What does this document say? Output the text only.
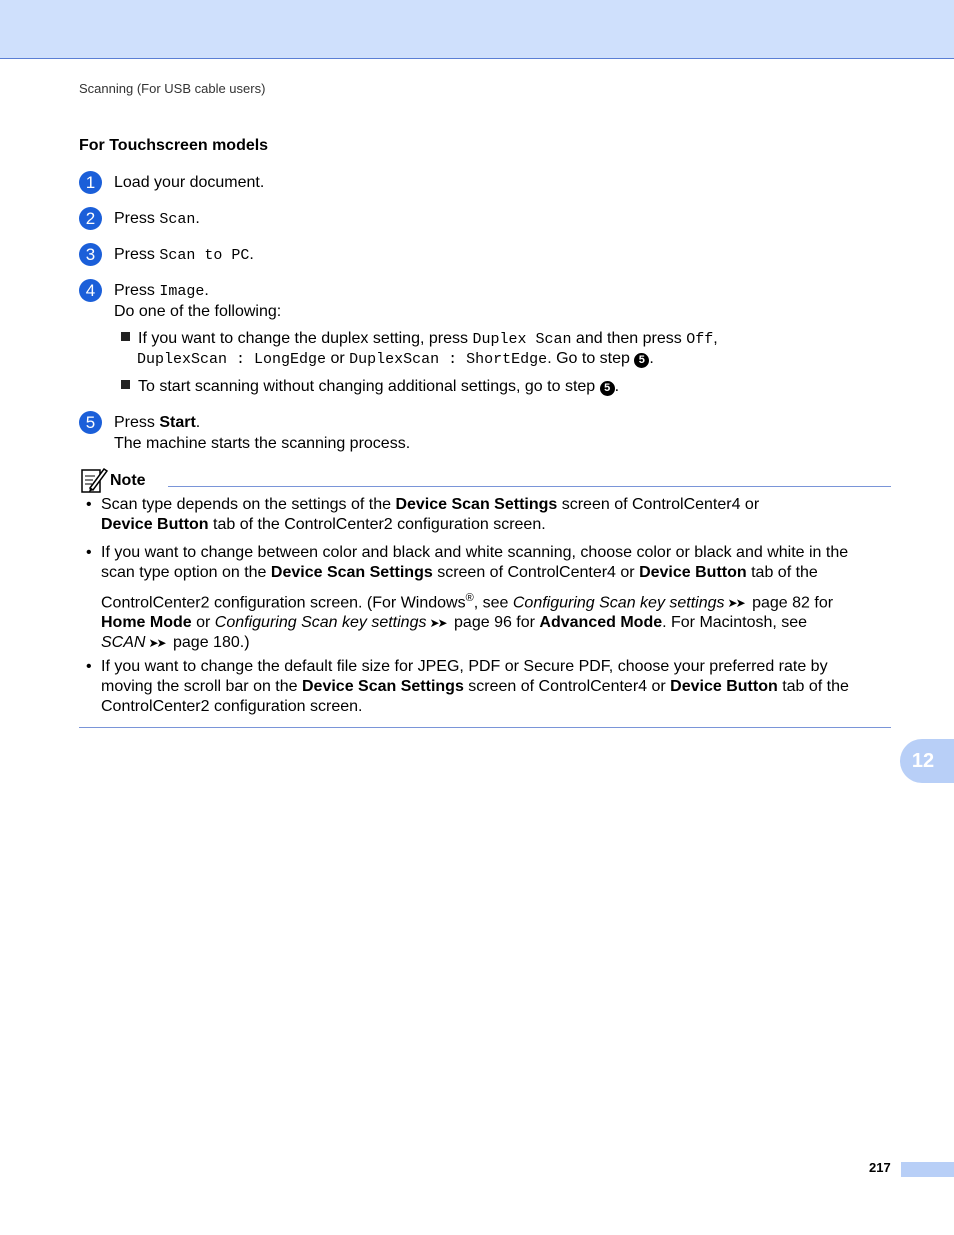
Scanning (For USB cable users)
For Touchscreen models
1	Load your document.
2	Press Scan.
3	Press Scan to PC.
4	Press Image.
Do one of the following:
If you want to change the duplex setting, press Duplex Scan and then press Off,
DuplexScan : LongEdge or DuplexScan : ShortEdge. Go to step 5 .
To start scanning without changing additional settings, go to step 5 .
5	Press Start.
The machine starts the scanning process.
Note
• Scan type depends on the settings of the Device Scan Settings screen of ControlCenter4 or
Device Button tab of the ControlCenter2 configuration screen.
• If you want to change between color and black and white scanning, choose color or black and white in the
scan type option on the Device Scan Settings screen of ControlCenter4 or Device Button tab of the
ControlCenter2 configuration screen. (For Windows®, see Configuring Scan key settings ➤➤ page 82 for
Home Mode or Configuring Scan key settings ➤➤ page 96 for Advanced Mode. For Macintosh, see
SCAN ➤➤ page 180.)
• If you want to change the default file size for JPEG, PDF or Secure PDF, choose your preferred rate by
moving the scroll bar on the Device Scan Settings screen of ControlCenter4 or Device Button tab of the
ControlCenter2 configuration screen.
12
217
